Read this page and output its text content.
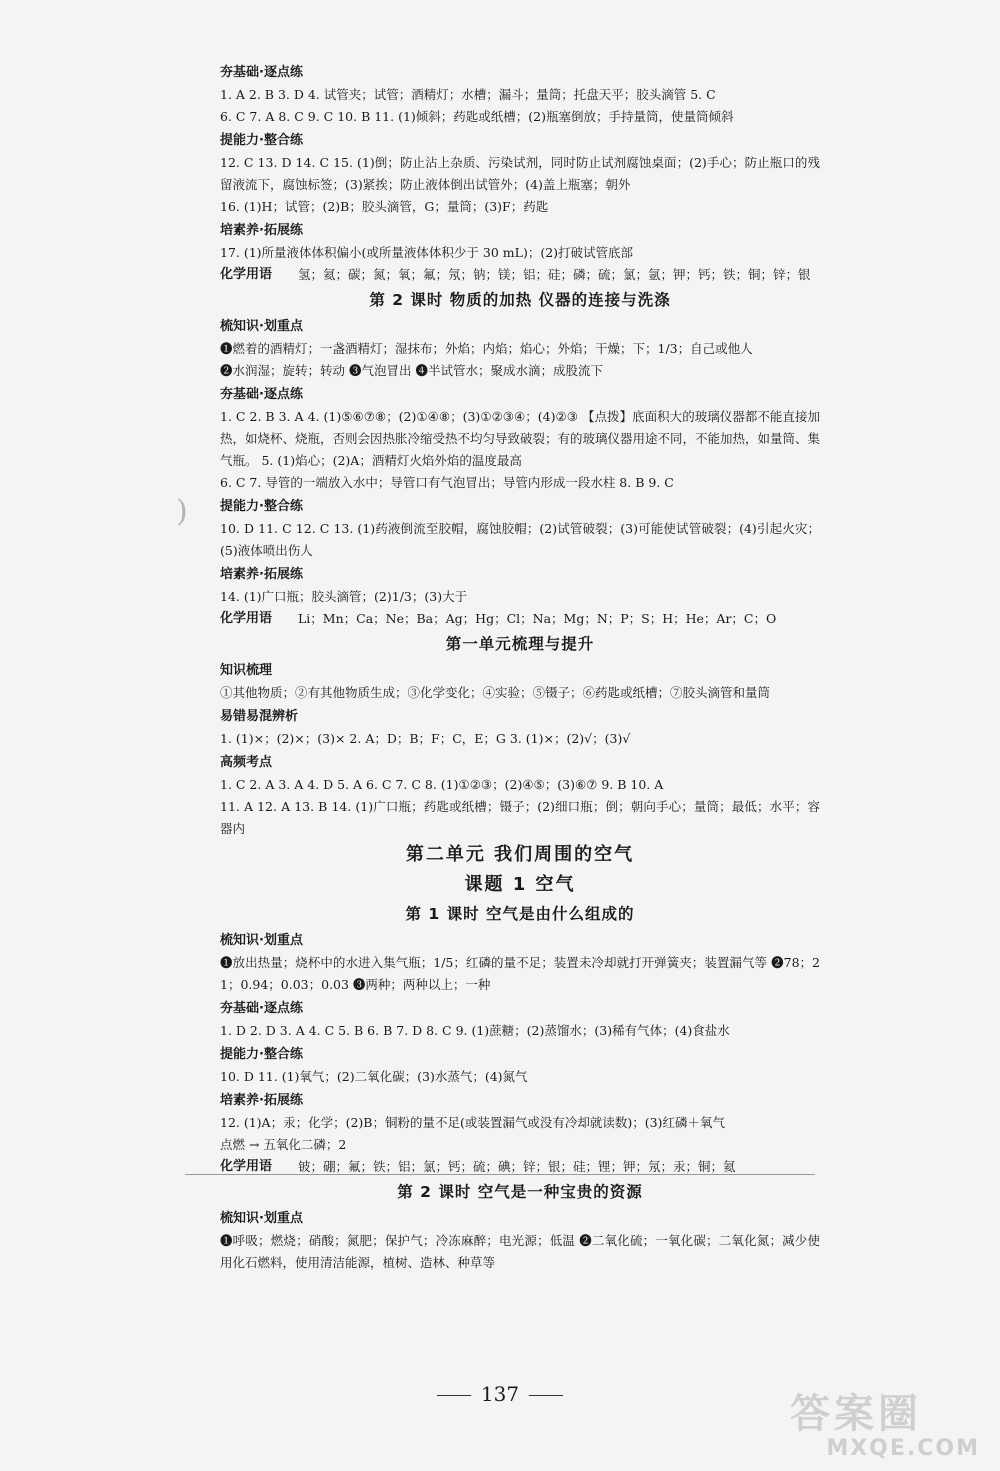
)
夯基础·逐点练
1. A 2. B 3. D 4. 试管夹；试管；酒精灯；水槽；漏斗；量筒；托盘天平；胶头滴管 5. C
6. C 7. A 8. C 9. C 10. B 11. (1)倾斜；药匙或纸槽；(2)瓶塞倒放；手持量筒，使量筒倾斜
提能力·整合练
12. C 13. D 14. C 15. (1)倒；防止沾上杂质、污染试剂，同时防止试剂腐蚀桌面；(2)手心；防止瓶口的残留液流下，腐蚀标签；(3)紧挨；防止液体倒出试管外；(4)盖上瓶塞；朝外
16. (1)H；试管；(2)B；胶头滴管，G；量筒；(3)F；药匙
培素养·拓展练
17. (1)所量液体体积偏小(或所量液体体积少于 30 mL)；(2)打破试管底部
化学用语	氢；氦；碳；氮；氧；氟；氖；钠；镁；铝；硅；磷；硫；氯；氩；钾；钙；铁；铜；锌；银
第 2 课时 物质的加热 仪器的连接与洗涤
梳知识·划重点
❶燃着的酒精灯；一盏酒精灯；湿抹布；外焰；内焰；焰心；外焰；干燥；下；1/3；自己或他人
❷水润湿；旋转；转动 ❸气泡冒出 ❹半试管水；聚成水滴；成股流下
夯基础·逐点练
1. C 2. B 3. A 4. (1)⑤⑥⑦⑧；(2)①④⑧；(3)①②③④；(4)②③ 【点拨】底面积大的玻璃仪器都不能直接加热，如烧杯、烧瓶，否则会因热胀冷缩受热不均匀导致破裂；有的玻璃仪器用途不同，不能加热，如量筒、集气瓶。 5. (1)焰心；(2)A；酒精灯火焰外焰的温度最高
6. C 7. 导管的一端放入水中；导管口有气泡冒出；导管内形成一段水柱 8. B 9. C
提能力·整合练
10. D 11. C 12. C 13. (1)药液倒流至胶帽，腐蚀胶帽；(2)试管破裂；(3)可能使试管破裂；(4)引起火灾；(5)液体喷出伤人
培素养·拓展练
14. (1)广口瓶；胶头滴管；(2)1/3；(3)大于
化学用语	Li；Mn；Ca；Ne；Ba；Ag；Hg；Cl；Na；Mg；N；P；S；H；He；Ar；C；O
第一单元梳理与提升
知识梳理
①其他物质；②有其他物质生成；③化学变化；④实验；⑤镊子；⑥药匙或纸槽；⑦胶头滴管和量筒
易错易混辨析
1. (1)×；(2)×；(3)× 2. A；D；B；F；C，E；G 3. (1)×；(2)√；(3)√
高频考点
1. C 2. A 3. A 4. D 5. A 6. C 7. C 8. (1)①②③；(2)④⑤；(3)⑥⑦ 9. B 10. A
11. A 12. A 13. B 14. (1)广口瓶；药匙或纸槽；镊子；(2)细口瓶；倒；朝向手心；量筒；最低；水平；容器内
第二单元 我们周围的空气
课题 1 空气
第 1 课时 空气是由什么组成的
梳知识·划重点
❶放出热量；烧杯中的水进入集气瓶；1/5；红磷的量不足；装置未冷却就打开弹簧夹；装置漏气等 ❷78；21；0.94；0.03；0.03 ❸两种；两种以上；一种
夯基础·逐点练
1. D 2. D 3. A 4. C 5. B 6. B 7. D 8. C 9. (1)蔗糖；(2)蒸馏水；(3)稀有气体；(4)食盐水
提能力·整合练
10. D 11. (1)氧气；(2)二氧化碳；(3)水蒸气；(4)氮气
培素养·拓展练
12. (1)A；汞；化学；(2)B；铜粉的量不足(或装置漏气或没有冷却就读数)；(3)红磷＋氧气
点燃 → 五氧化二磷；2
化学用语	铍；硼；氟；铁；铝；氯；钙；硫；碘；锌；银；硅；锂；钾；氖；汞；铜；氦
第 2 课时 空气是一种宝贵的资源
梳知识·划重点
❶呼吸；燃烧；硝酸；氮肥；保护气；冷冻麻醉；电光源；低温 ❷二氧化硫；一氧化碳；二氧化氮；减少使用化石燃料，使用清洁能源，植树、造林、种草等
137	答案圈
MXQE.COM
